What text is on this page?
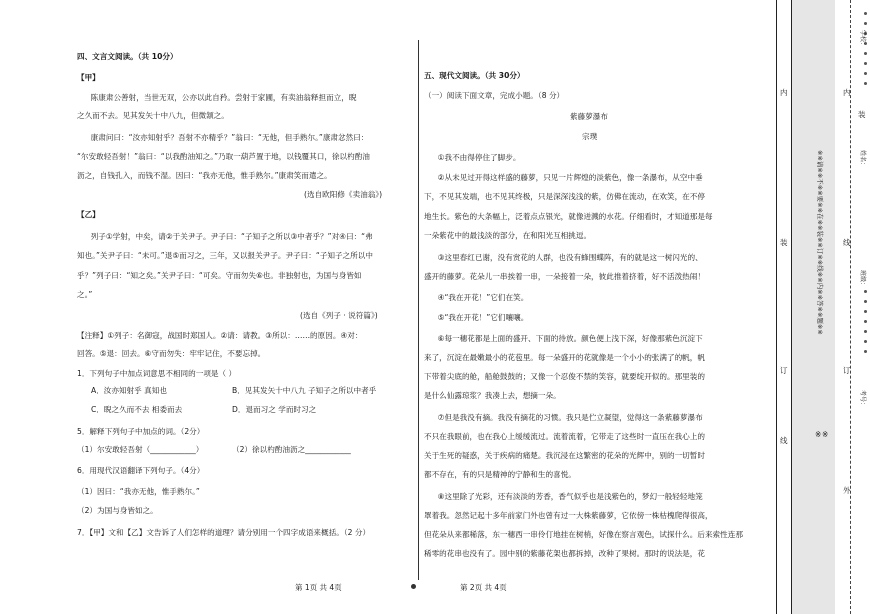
四、文言文阅读。（共 10分）
【甲】
陈康肃公善射，当世无双，公亦以此自矜。尝射于家圃，有卖油翁释担而立，睨
之久而不去。见其发矢十中八九，但微颔之。
康肃问曰：“汝亦知射乎？吾射不亦精乎？”翁曰：“无他，但手熟尔。”康肃忿然曰：
“尔安敢轻吾射！”翁曰：“以我酌油知之。”乃取一葫芦置于地，以钱覆其口，徐以杓酌油
沥之，自钱孔入，而钱不湿。因曰：“我亦无他，惟手熟尔。”康肃笑而遣之。
(选自欧阳修《卖油翁》)
【乙】
列子①学射，中矣，请②于关尹子。尹子曰：“子知子之所以③中者乎？”对④曰：“弗
知也。”关尹子曰：“未可。”退⑤而习之，三年，又以报关尹子。尹子曰：“子知子之所以中
乎？”列子曰：“知之矣。”关尹子曰：“可矣。守而勿失⑥也。非独射也，为国与身皆如
之。”
(选自《列子 · 说符篇》)
【注释】①列子：名御寇，战国时郑国人。②请：请教。③所以：……的原因。④对：
回答。⑤退：回去。⑥守而勿失：牢牢记住，不要忘掉。
1．下列句子中加点词意思不相同的一项是（ ）
A．汝亦知射乎 真知也	B．见其发矢十中八九 子知子之所以中者乎
C．睨之久而不去 相委而去	D．退而习之 学而时习之
5．解释下列句子中加点的词。（2分）
（1）尔安敢轻吾射（____________）	（2）徐以杓酌油沥之____________
6．用现代汉语翻译下列句子。（4分）
（1）因曰：“我亦无他，惟手熟尔。”
（2）为国与身皆如之。
7．【甲】文和【乙】文告诉了人们怎样的道理？请分别用一个四字成语来概括。（2 分）
第 1页 共 4页
五、现代文阅读。（共 30分）
（一）阅读下面文章，完成小题。（8 分）
紫藤萝瀑布
宗璞
①我不由得停住了脚步。
②从未见过开得这样盛的藤萝，只见一片辉煌的淡紫色，像一条瀑布，从空中垂
下，不见其发端，也不见其终极，只是深深浅浅的紫，仿佛在流动，在欢笑，在不停
地生长。紫色的大条幅上，泛着点点银光，就像迸溅的水花。仔细看时，才知道那是每
一朵紫花中的最浅淡的部分，在和阳光互相挑逗。
③这里春红已谢，没有赏花的人群，也没有蜂围蝶阵，有的就是这一树闪光的、
盛开的藤萝。花朵儿一串挨着一串，一朵接着一朵，彼此推着挤着，好不活泼热闹！
④“我在开花！”它们在笑。
⑤“我在开花！”它们嚷嚷。
⑥每一穗花都是上面的盛开、下面的待放。颜色便上浅下深，好像那紫色沉淀下
来了，沉淀在最嫩最小的花苞里。每一朵盛开的花就像是一个小小的张满了的帆，帆
下带着尖底的舱，船舱鼓鼓的；又像一个忍俊不禁的笑容，就要绽开似的。那里装的
是什么仙露琼浆？我凑上去，想摘一朵。
⑦但是我没有摘。我没有摘花的习惯。我只是伫立凝望，觉得这一条紫藤萝瀑布
不只在我眼前，也在我心上缓缓流过。流着流着，它带走了这些时一直压在我心上的
关于生死的疑惑，关于疾病的痛楚。我沉浸在这繁密的花朵的光辉中，别的一切暂时
都不存在，有的只是精神的宁静和生的喜悦。
⑧这里除了光彩，还有淡淡的芳香，香气似乎也是浅紫色的，梦幻一般轻轻地笼
罩着我。忽然记起十多年前家门外也曾有过一大株紫藤萝，它依傍一株枯槐爬得很高，
但花朵从来都稀落，东一穗西一串伶仃地挂在树梢，好像在察言观色，试探什么。后来索性连那
稀零的花串也没有了。园中别的紫藤花架也都拆掉，改种了果树。那时的说法是，花
第 2页 共 4页
内
装
订
线
※ ※
※※请※※不※※要※※在※※装※※订※※线※※内※※答※※题※※
内
线
订
外
装
学校：
姓名：
班级：
考号：
